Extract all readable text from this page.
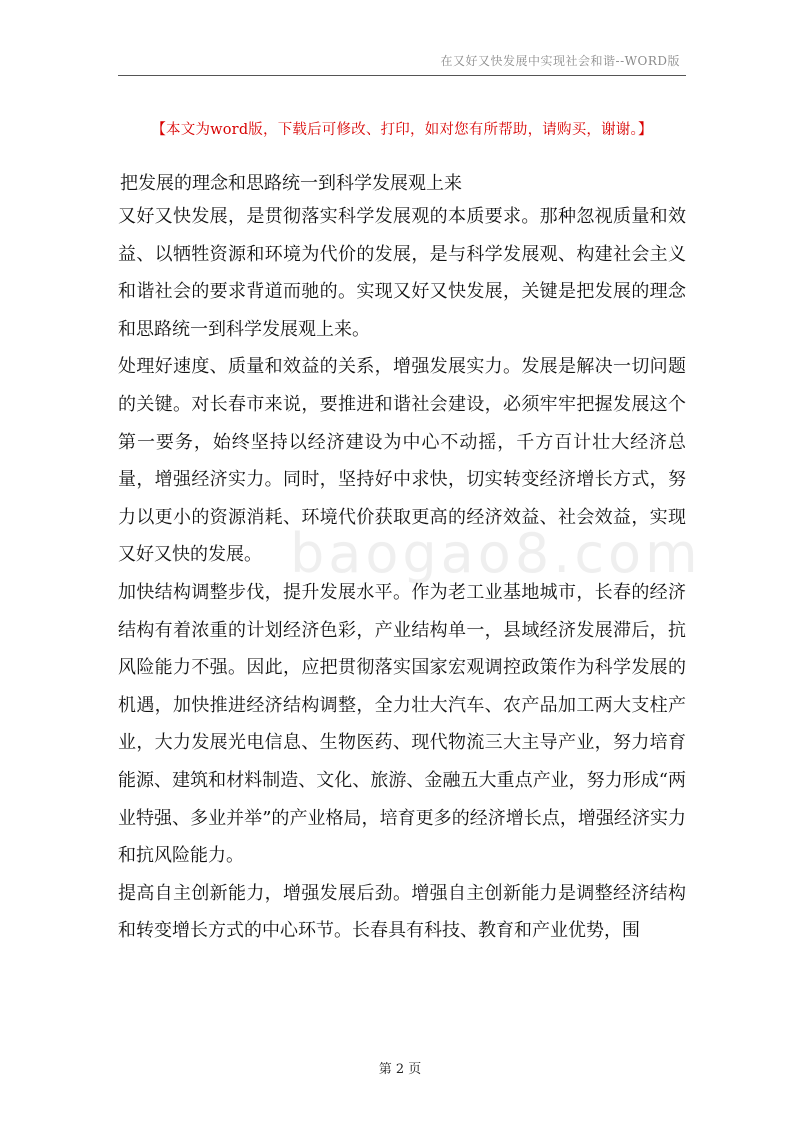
在又好又快发展中实现社会和谐--WORD版
【本文为word版，下载后可修改、打印，如对您有所帮助，请购买，谢谢。】
把发展的理念和思路统一到科学发展观上来

又好又快发展，是贯彻落实科学发展观的本质要求。那种忽视质量和效益、以牺牲资源和环境为代价的发展，是与科学发展观、构建社会主义和谐社会的要求背道而驰的。实现又好又快发展，关键是把发展的理念和思路统一到科学发展观上来。

处理好速度、质量和效益的关系，增强发展实力。发展是解决一切问题的关键。对长春市来说，要推进和谐社会建设，必须牢牢把握发展这个第一要务，始终坚持以经济建设为中心不动摇，千方百计壮大经济总量，增强经济实力。同时，坚持好中求快，切实转变经济增长方式，努力以更小的资源消耗、环境代价获取更高的经济效益、社会效益，实现又好又快的发展。

加快结构调整步伐，提升发展水平。作为老工业基地城市，长春的经济结构有着浓重的计划经济色彩，产业结构单一，县域经济发展滞后，抗风险能力不强。因此，应把贯彻落实国家宏观调控政策作为科学发展的机遇，加快推进经济结构调整，全力壮大汽车、农产品加工两大支柱产业，大力发展光电信息、生物医药、现代物流三大主导产业，努力培育能源、建筑和材料制造、文化、旅游、金融五大重点产业，努力形成“两业特强、多业并举”的产业格局，培育更多的经济增长点，增强经济实力和抗风险能力。

提高自主创新能力，增强发展后劲。增强自主创新能力是调整经济结构和转变增长方式的中心环节。长春具有科技、教育和产业优势，围

baogao8.com
第 2 页
